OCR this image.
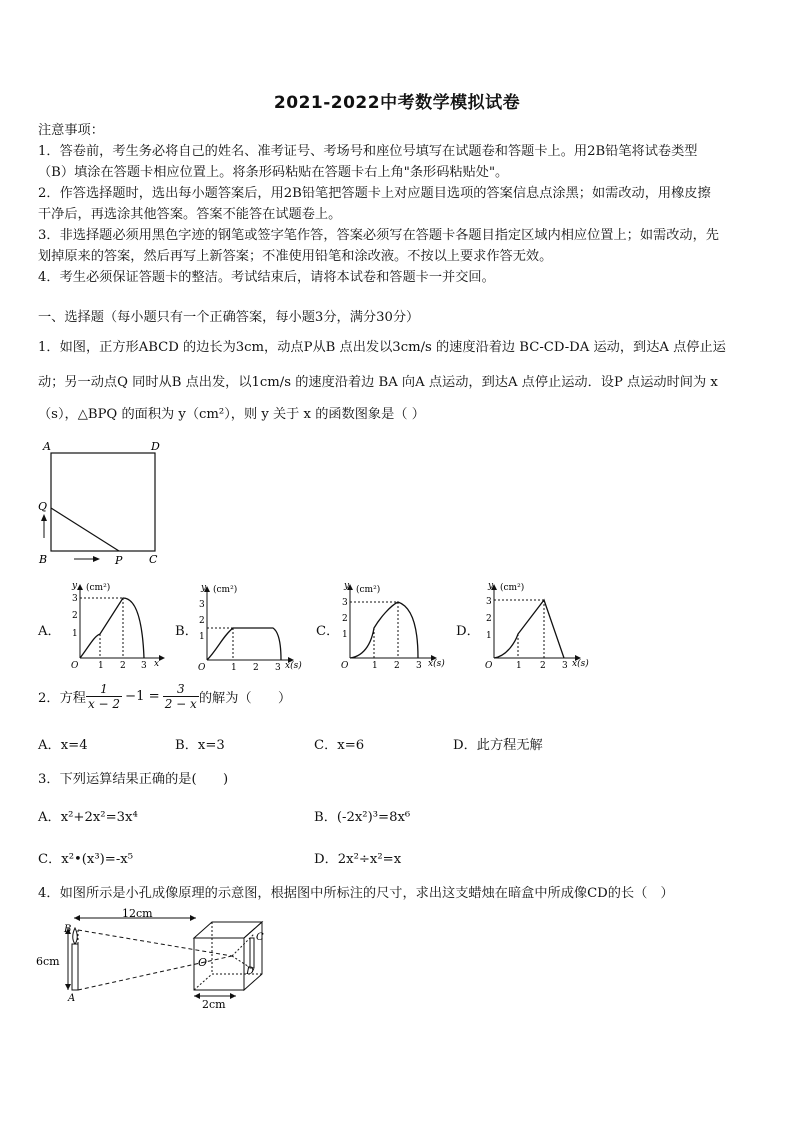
2021-2022中考数学模拟试卷
注意事项：
1．答卷前，考生务必将自己的姓名、准考证号、考场号和座位号填写在试题卷和答题卡上。用2B铅笔将试卷类型
（B）填涂在答题卡相应位置上。将条形码粘贴在答题卡右上角"条形码粘贴处"。
2．作答选择题时，选出每小题答案后，用2B铅笔把答题卡上对应题目选项的答案信息点涂黑；如需改动，用橡皮擦
干净后，再选涂其他答案。答案不能答在试题卷上。
3．非选择题必须用黑色字迹的钢笔或签字笔作答，答案必须写在答题卡各题目指定区域内相应位置上；如需改动，先
划掉原来的答案，然后再写上新答案；不准使用铅笔和涂改液。不按以上要求作答无效。
4．考生必须保证答题卡的整洁。考试结束后，请将本试卷和答题卡一并交回。
一、选择题（每小题只有一个正确答案，每小题3分，满分30分）
1．如图，正方形ABCD 的边长为3cm，动点P从B 点出发以3cm/s 的速度沿着边 BC-CD-DA 运动，到达A 点停止运
动；另一动点Q 同时从B 点出发，以1cm/s 的速度沿着边 BA 向A 点运动，到达A 点停止运动．设P 点运动时间为 x
（s），△BPQ 的面积为 y（cm²），则 y 关于 x 的函数图象是（ ）
A	D
Q
B	P C
A．
y (cm²)
3
2
1
O 1 2 3 x
B．
y (cm²)
3
2
1
O	1 2 3 x(s)
C．
y (cm²)
3
2
1
O	1 2 3 x(s)
D．
y (cm²)
3
2
1
O	1 2 3 x(s)
2．方程 $\frac{1}{x - 2} -1 = \frac{3}{2 - x}$ 的解为（　　）
A．x=4	B．x=3	C．x=6	D．此方程无解
3．下列运算结果正确的是(　　)
A．x²+2x²=3x⁴	B．(-2x²)³=8x⁶
C．x²•(x³)=-x⁵	D．2x²÷x²=x
4．如图所示是小孔成像原理的示意图，根据图中所标注的尺寸，求出这支蜡烛在暗盒中所成像CD的长（　）
12cm
6cm
B
A
O
C
D
2cm
